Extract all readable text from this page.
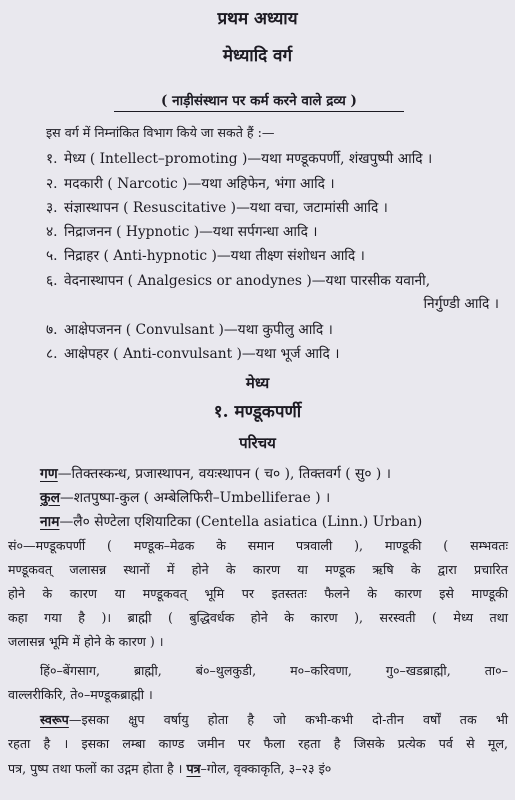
प्रथम अध्याय
मेध्यादि वर्ग
( नाड़ीसंस्थान पर कर्म करने वाले द्रव्य )
इस वर्ग में निम्नांकित विभाग किये जा सकते हैं :—
१. मेध्य ( Intellect–promoting )—यथा मण्डूकपर्णी, शंखपुष्पी आदि ।
२. मदकारी ( Narcotic )—यथा अहिफेन, भंगा आदि ।
३. संज्ञास्थापन ( Resuscitative )—यथा वचा, जटामांसी आदि ।
४. निद्राजनन ( Hypnotic )—यथा सर्पगन्धा आदि ।
५. निद्राहर ( Anti-hypnotic )—यथा तीक्ष्ण संशोधन आदि ।
६. वेदनास्थापन ( Analgesics or anodynes )—यथा पारसीक यवानी,
निर्गुण्डी आदि ।
७. आक्षेपजनन ( Convulsant )—यथा कुपीलु आदि ।
८. आक्षेपहर ( Anti-convulsant )—यथा भूर्ज आदि ।
मेध्य
१. मण्डूकपर्णी
परिचय
गण—तिक्तस्कन्ध, प्रजास्थापन, वयःस्थापन ( च० ), तिक्तवर्ग ( सु० ) ।
कुल—शतपुष्पा-कुल ( अम्बेलिफिरी–Umbelliferae ) ।
नाम—लै० सेण्टेला एशियाटिका (Centella asiatica (Linn.) Urban)
सं०—मण्डूकपर्णी ( मण्डूक–मेढक के समान पत्रवाली ), माण्डूकी ( सम्भवतः
मण्डूकवत् जलासन्न स्थानों में होने के कारण या मण्डूक ऋषि के द्वारा प्रचारित
होने के कारण या मण्डूकवत् भूमि पर इतस्ततः फैलने के कारण इसे माण्डूकी
कहा गया है )। ब्राह्मी ( बुद्धिवर्धक होने के कारण ), सरस्वती ( मेध्य तथा
जलासन्न भूमि में होने के कारण ) ।
हिं०–बेंगसाग, ब्राह्मी, बं०–थुलकुडी, म०–करिवणा, गु०–खडब्राह्मी, ता०–
वाल्लरीकिरि, ते०–मण्डूकब्राह्मी ।
स्वरूप—इसका क्षुप वर्षायु होता है जो कभी-कभी दो-तीन वर्षों तक भी
रहता है । इसका लम्बा काण्ड जमीन पर फैला रहता है जिसके प्रत्येक पर्व से मूल,
पत्र, पुष्प तथा फलों का उद्गम होता है । पत्र–गोल, वृक्काकृति, ३–२३ इं०
